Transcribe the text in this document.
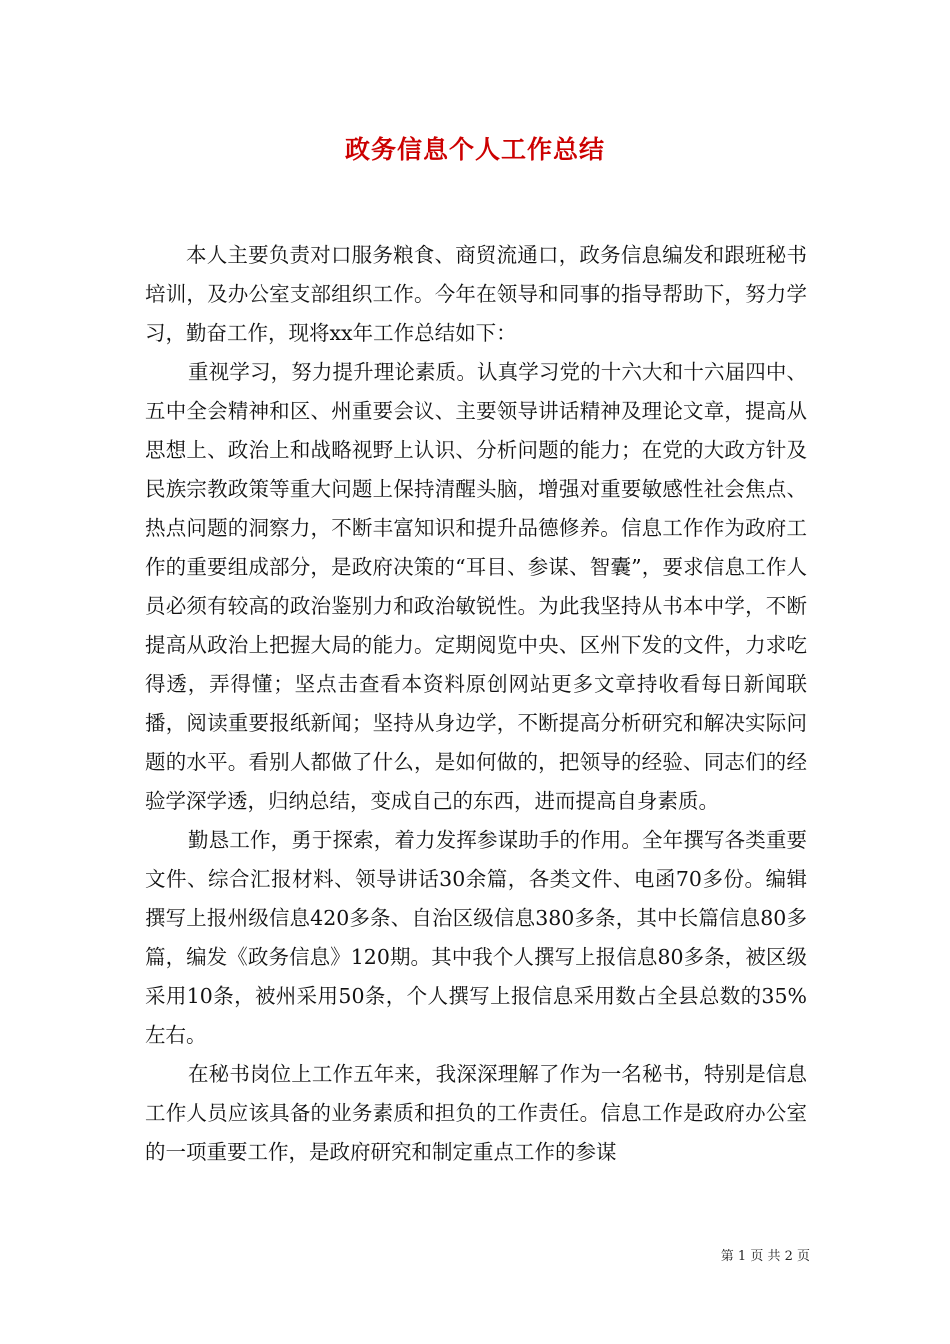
政务信息个人工作总结

本人主要负责对口服务粮食、商贸流通口，政务信息编发和跟班秘书培训，及办公室支部组织工作。今年在领导和同事的指导帮助下，努力学习，勤奋工作，现将xx年工作总结如下：

重视学习，努力提升理论素质。认真学习党的十六大和十六届四中、五中全会精神和区、州重要会议、主要领导讲话精神及理论文章，提高从思想上、政治上和战略视野上认识、分析问题的能力；在党的大政方针及民族宗教政策等重大问题上保持清醒头脑，增强对重要敏感性社会焦点、热点问题的洞察力，不断丰富知识和提升品德修养。信息工作作为政府工作的重要组成部分，是政府决策的“耳目、参谋、智囊”，要求信息工作人员必须有较高的政治鉴别力和政治敏锐性。为此我坚持从书本中学，不断提高从政治上把握大局的能力。定期阅览中央、区州下发的文件，力求吃得透，弄得懂；坚点击查看本资料原创网站更多文章持收看每日新闻联播，阅读重要报纸新闻；坚持从身边学，不断提高分析研究和解决实际问题的水平。看别人都做了什么，是如何做的，把领导的经验、同志们的经验学深学透，归纳总结，变成自己的东西，进而提高自身素质。

勤恳工作，勇于探索，着力发挥参谋助手的作用。全年撰写各类重要文件、综合汇报材料、领导讲话30余篇，各类文件、电函70多份。编辑撰写上报州级信息420多条、自治区级信息380多条，其中长篇信息80多篇，编发《政务信息》120期。其中我个人撰写上报信息80多条，被区级采用10条，被州采用50条，个人撰写上报信息采用数占全县总数的35%左右。

在秘书岗位上工作五年来，我深深理解了作为一名秘书，特别是信息工作人员应该具备的业务素质和担负的工作责任。信息工作是政府办公室的一项重要工作，是政府研究和制定重点工作的参谋

第 1 页 共 2 页
